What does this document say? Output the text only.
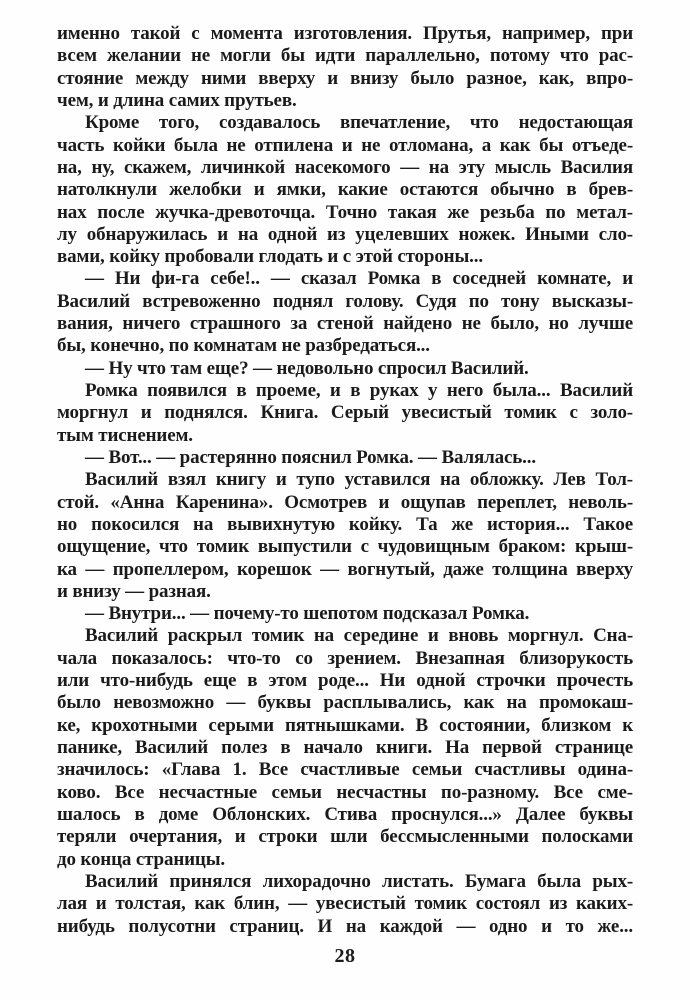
именно такой с момента изготовления. Прутья, например, при
всем желании не могли бы идти параллельно, потому что рас-
стояние между ними вверху и внизу было разное, как, впро-
чем, и длина самих прутьев.
Кроме того, создавалось впечатление, что недостающая
часть койки была не отпилена и не отломана, а как бы отъеде-
на, ну, скажем, личинкой насекомого — на эту мысль Василия
натолкнули желобки и ямки, какие остаются обычно в брев-
нах после жучка-древоточца. Точно такая же резьба по метал-
лу обнаружилась и на одной из уцелевших ножек. Иными сло-
вами, койку пробовали глодать и с этой стороны...
— Ни фи-га себе!.. — сказал Ромка в соседней комнате, и
Василий встревоженно поднял голову. Судя по тону высказы-
вания, ничего страшного за стеной найдено не было, но лучше
бы, конечно, по комнатам не разбредаться...
— Ну что там еще? — недовольно спросил Василий.
Ромка появился в проеме, и в руках у него была... Василий
моргнул и поднялся. Книга. Серый увесистый томик с золо-
тым тиснением.
— Вот... — растерянно пояснил Ромка. — Валялась...
Василий взял книгу и тупо уставился на обложку. Лев Тол-
стой. «Анна Каренина». Осмотрев и ощупав переплет, неволь-
но покосился на вывихнутую койку. Та же история... Такое
ощущение, что томик выпустили с чудовищным браком: крыш-
ка — пропеллером, корешок — вогнутый, даже толщина вверху
и внизу — разная.
— Внутри... — почему-то шепотом подсказал Ромка.
Василий раскрыл томик на середине и вновь моргнул. Сна-
чала показалось: что-то со зрением. Внезапная близорукость
или что-нибудь еще в этом роде... Ни одной строчки прочесть
было невозможно — буквы расплывались, как на промокаш-
ке, крохотными серыми пятнышками. В состоянии, близком к
панике, Василий полез в начало книги. На первой странице
значилось: «Глава 1. Все счастливые семьи счастливы одина-
ково. Все несчастные семьи несчастны по-разному. Все сме-
шалось в доме Облонских. Стива проснулся...» Далее буквы
теряли очертания, и строки шли бессмысленными полосками
до конца страницы.
Василий принялся лихорадочно листать. Бумага была рых-
лая и толстая, как блин, — увесистый томик состоял из каких-
нибудь полусотни страниц. И на каждой — одно и то же...
28
